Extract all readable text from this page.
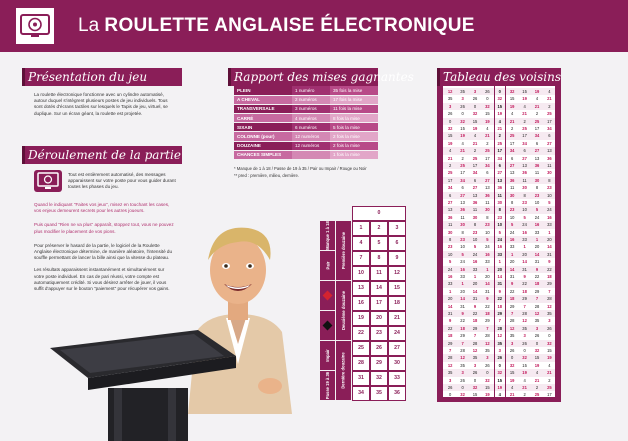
La ROULETTE ANGLAISE ÉLECTRONIQUE
Présentation du jeu

La roulette électronique fonctionne avec un cylindre automatisé, autour duquel s'intègrent plusieurs postes de jeu individuels. Tous sont dotés d'écrans tactiles sur lesquels le Tapis de jeu, virtuel, se duplique. Sur un écran géant, la roulette est projetée.

Déroulement de la partie

Tout est entièrement automatisé, des messages apparaissent sur votre poste pour vous guider durant toutes les phases du jeu.

Quand le indiquant "Faites vos jeux", misez en touchant les cases, vos enjeux demeurent secrets pour les autres joueurs.

Puis quand "Rien ne va plus" apparaît, stoppez tout, vous ne pouvez plus modifier le placement de vos pions.

Pour préserver le hasard de la partie, le logiciel de la Roulette Anglaise électronique détermine, de manière aléatoire, l'intensité du souffle permettant de lancer la bille ainsi que la vitesse du plateau.

Les résultats apparaissent instantanément et simultanément sur votre poste individuel. En cas de pari réussi, votre compte est automatiquement crédité. Si vous désirez arrêter de jouer, il vous suffit d'appuyer sur le bouton "paiement" pour récupérer vos gains.

Rapport des mises gagnantes
PLEIN	1 numéro	35 fois la mise
A CHEVAL	2 numéros	17 fois la mise
TRANSVERSALE	3 numéros	11 fois la mise
CARRÉ	4 numéros	8 fois la mise
SIXAIN	6 numéros	5 fois la mise
COLONNE (pour)	12 numéros	2 fois la mise
DOUZAINE	12 numéros	2 fois la mise
CHANCES SIMPLES		1 fois la mise

* Manque de 1 à 18 / Passe de 19 à 35 / Pair ou Impair / Rouge ou Noir

** pred : première, milieu, dernière.

0
1	2	3
4	5	6
7	8	9
10	11	12
13	14	15
16	17	18
19	20	21
22	23	24
25	26	27
28	29	30
31	32	33
34	35	36
Première douzaine
Deuxième douzaine
Dernière douzaine
Manque 1 à 18
Pair
Impair
Passe 19 à 36
Tableau des voisins
12	35	3	26	0	32	15	19	4
35	3	26	0	32	15	19	4	21
3	26	0	32	15	19	4	21	2
26	0	32	15	19	4	21	2	25
0	32	15	19	4	21	2	25	17
32	15	19	4	21	2	25	17	34
15	19	4	21	2	25	17	34	6
19	4	21	2	25	17	34	6	27
4	21	2	25	17	34	6	27	13
21	2	25	17	34	6	27	13	36
2	25	17	34	6	27	13	36	11
25	17	34	6	27	13	36	11	30
17	34	6	27	13	36	11	30	8
34	6	27	13	36	11	30	8	23
6	27	13	36	11	30	8	23	10
27	13	36	11	30	8	23	10	5
13	36	11	30	8	23	10	5	24
36	11	30	8	23	10	5	24	16
11	30	8	23	10	5	24	16	33
30	8	23	10	5	24	16	33	1
8	23	10	5	24	16	33	1	20
23	10	5	24	16	33	1	20	14
10	5	24	16	33	1	20	14	31
5	24	16	33	1	20	14	31	9
24	16	33	1	20	14	31	9	22
16	33	1	20	14	31	9	22	18
33	1	20	14	31	9	22	18	29
1	20	14	31	9	22	18	29	7
20	14	31	9	22	18	29	7	28
14	31	9	22	18	29	7	28	12
31	9	22	18	29	7	28	12	35
9	22	18	29	7	28	12	35	3
22	18	29	7	28	12	35	3	26
18	29	7	28	12	35	3	26	0
29	7	28	12	35	3	26	0	32
7	28	12	35	3	26	0	32	15
28	12	35	3	26	0	32	15	19
12	35	3	26	0	32	15	19	4
35	3	26	0	32	15	19	4	21
3	26	0	32	15	19	4	21	2
26	0	32	15	19	4	21	2	25
0	32	15	19	4	21	2	25	17
